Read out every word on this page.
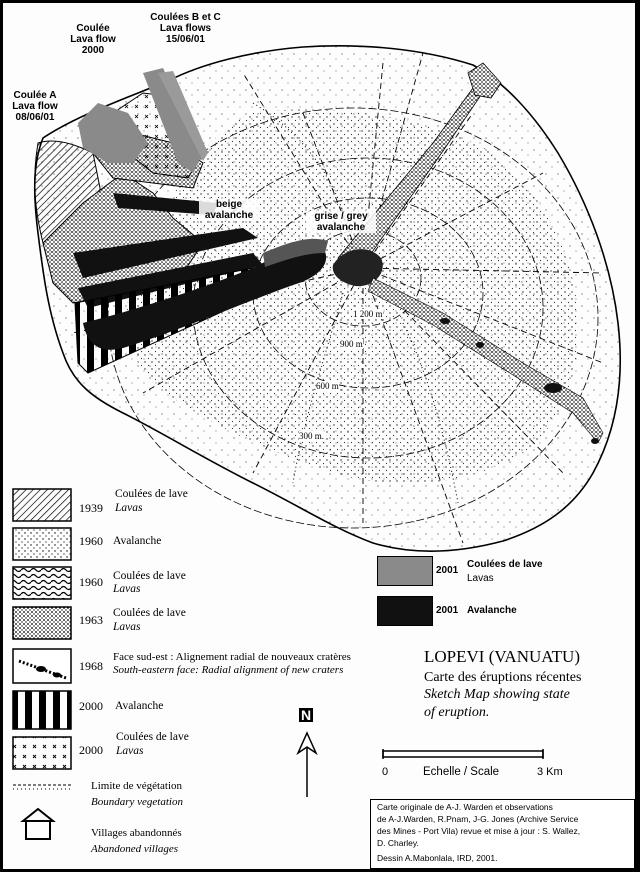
Coulée
Lava flow
2000
Coulées B et C
Lava flows
15/06/01
Coulée A
Lava flow
08/06/01
beige
avalanche	grise / grey
avalanche
1 200 m
900 m
600 m
300 m.
1939
Coulées de lave
Lavas
1960 Avalanche
1960 Coulées de lave
Lavas
1963 Coulées de lave
Lavas
1968
Face sud-est : Alignement radial de nouveaux cratères
South-eastern face: Radial alignment of new craters
2000 Avalanche
2000
Coulées de lave
Lavas
Limite de végétation
Boundary vegetation
Villages abandonnés
Abandoned villages
2001
Coulées de lave
Lavas
2001 Avalanche
LOPEVI (VANUATU)
Carte des éruptions récentes
Sketch Map showing state
of eruption.
N
0	Echelle / Scale	3 Km
Carte originale de A-J. Warden et observations
de A-J.Warden, R.Pnam, J-G. Jones (Archive Service
des Mines - Port Vila) revue et mise à jour : S. Wallez,
D. Charley.
Dessin A.Mabonlala, IRD, 2001.
